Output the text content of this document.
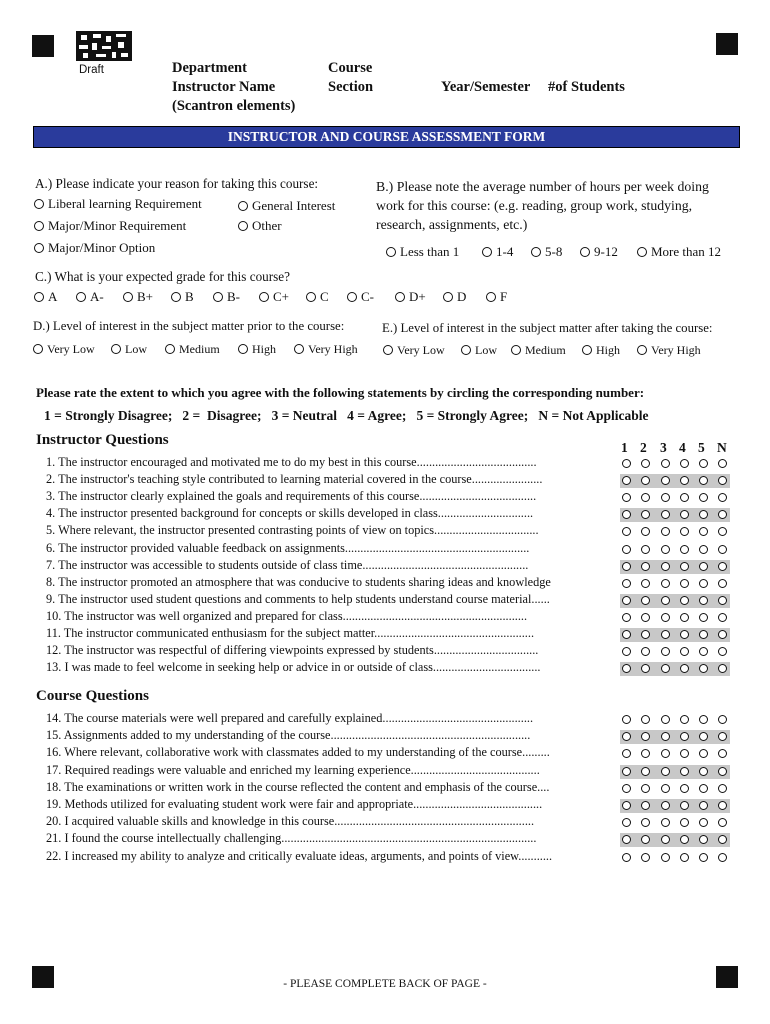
Draft	Department
Instructor Name
(Scantron elements)
Course
Section	Year/Semester #of Students
INSTRUCTOR AND COURSE ASSESSMENT FORM
A.) Please indicate your reason for taking this course:
Liberal learning Requirement	General Interest
Major/Minor Requirement	Other
Major/Minor Option
B.) Please note the average number of hours per week doing
work for this course: (e.g. reading, group work, studying,
research, assignments, etc.)
Less than 1	1-4	5-8	9-12	More than 12
C.) What is your expected grade for this course?
A	A-	B+	B	B-	C+	C	C-	D+	D	F
D.) Level of interest in the subject matter prior to the course:
Very Low	Low	Medium	High	Very High
E.) Level of interest in the subject matter after taking the course:
Very Low	Low	Medium	High	Very High
Please rate the extent to which you agree with the following statements by circling the corresponding number:
1 = Strongly Disagree;   2 =  Disagree;   3 = Neutral   4 = Agree;   5 = Strongly Agree;   N = Not Applicable
Instructor Questions	1 2 3 4 5 N
1. The instructor encouraged and motivated me to do my best in this course.......................................
2. The instructor's teaching style contributed to learning material covered in the course.......................
3. The instructor clearly explained the goals and requirements of this course......................................
4. The instructor presented background for concepts or skills developed in class...............................
5. Where relevant, the instructor presented contrasting points of view on topics..................................
6. The instructor provided valuable feedback on assignments............................................................
7. The instructor was accessible to students outside of class time......................................................
8. The instructor promoted an atmosphere that was conducive to students sharing ideas and knowledge
9. The instructor used student questions and comments to help students understand course material......
10. The instructor was well organized and prepared for class............................................................
11. The instructor communicated enthusiasm for the subject matter....................................................
12. The instructor was respectful of differing viewpoints expressed by students..................................
13. I was made to feel welcome in seeking help or advice in or outside of class...................................
Course Questions
14. The course materials were well prepared and carefully explained.................................................
15. Assignments added to my understanding of the course.................................................................
16. Where relevant, collaborative work with classmates added to my understanding of the course.........
17. Required readings were valuable and enriched my learning experience..........................................
18. The examinations or written work in the course reflected the content and emphasis of the course....
19. Methods utilized for evaluating student work were fair and appropriate..........................................
20. I acquired valuable skills and knowledge in this course.................................................................
21. I found the course intellectually challenging...................................................................................
22. I increased my ability to analyze and critically evaluate ideas, arguments, and points of view...........
- PLEASE COMPLETE BACK OF PAGE -
